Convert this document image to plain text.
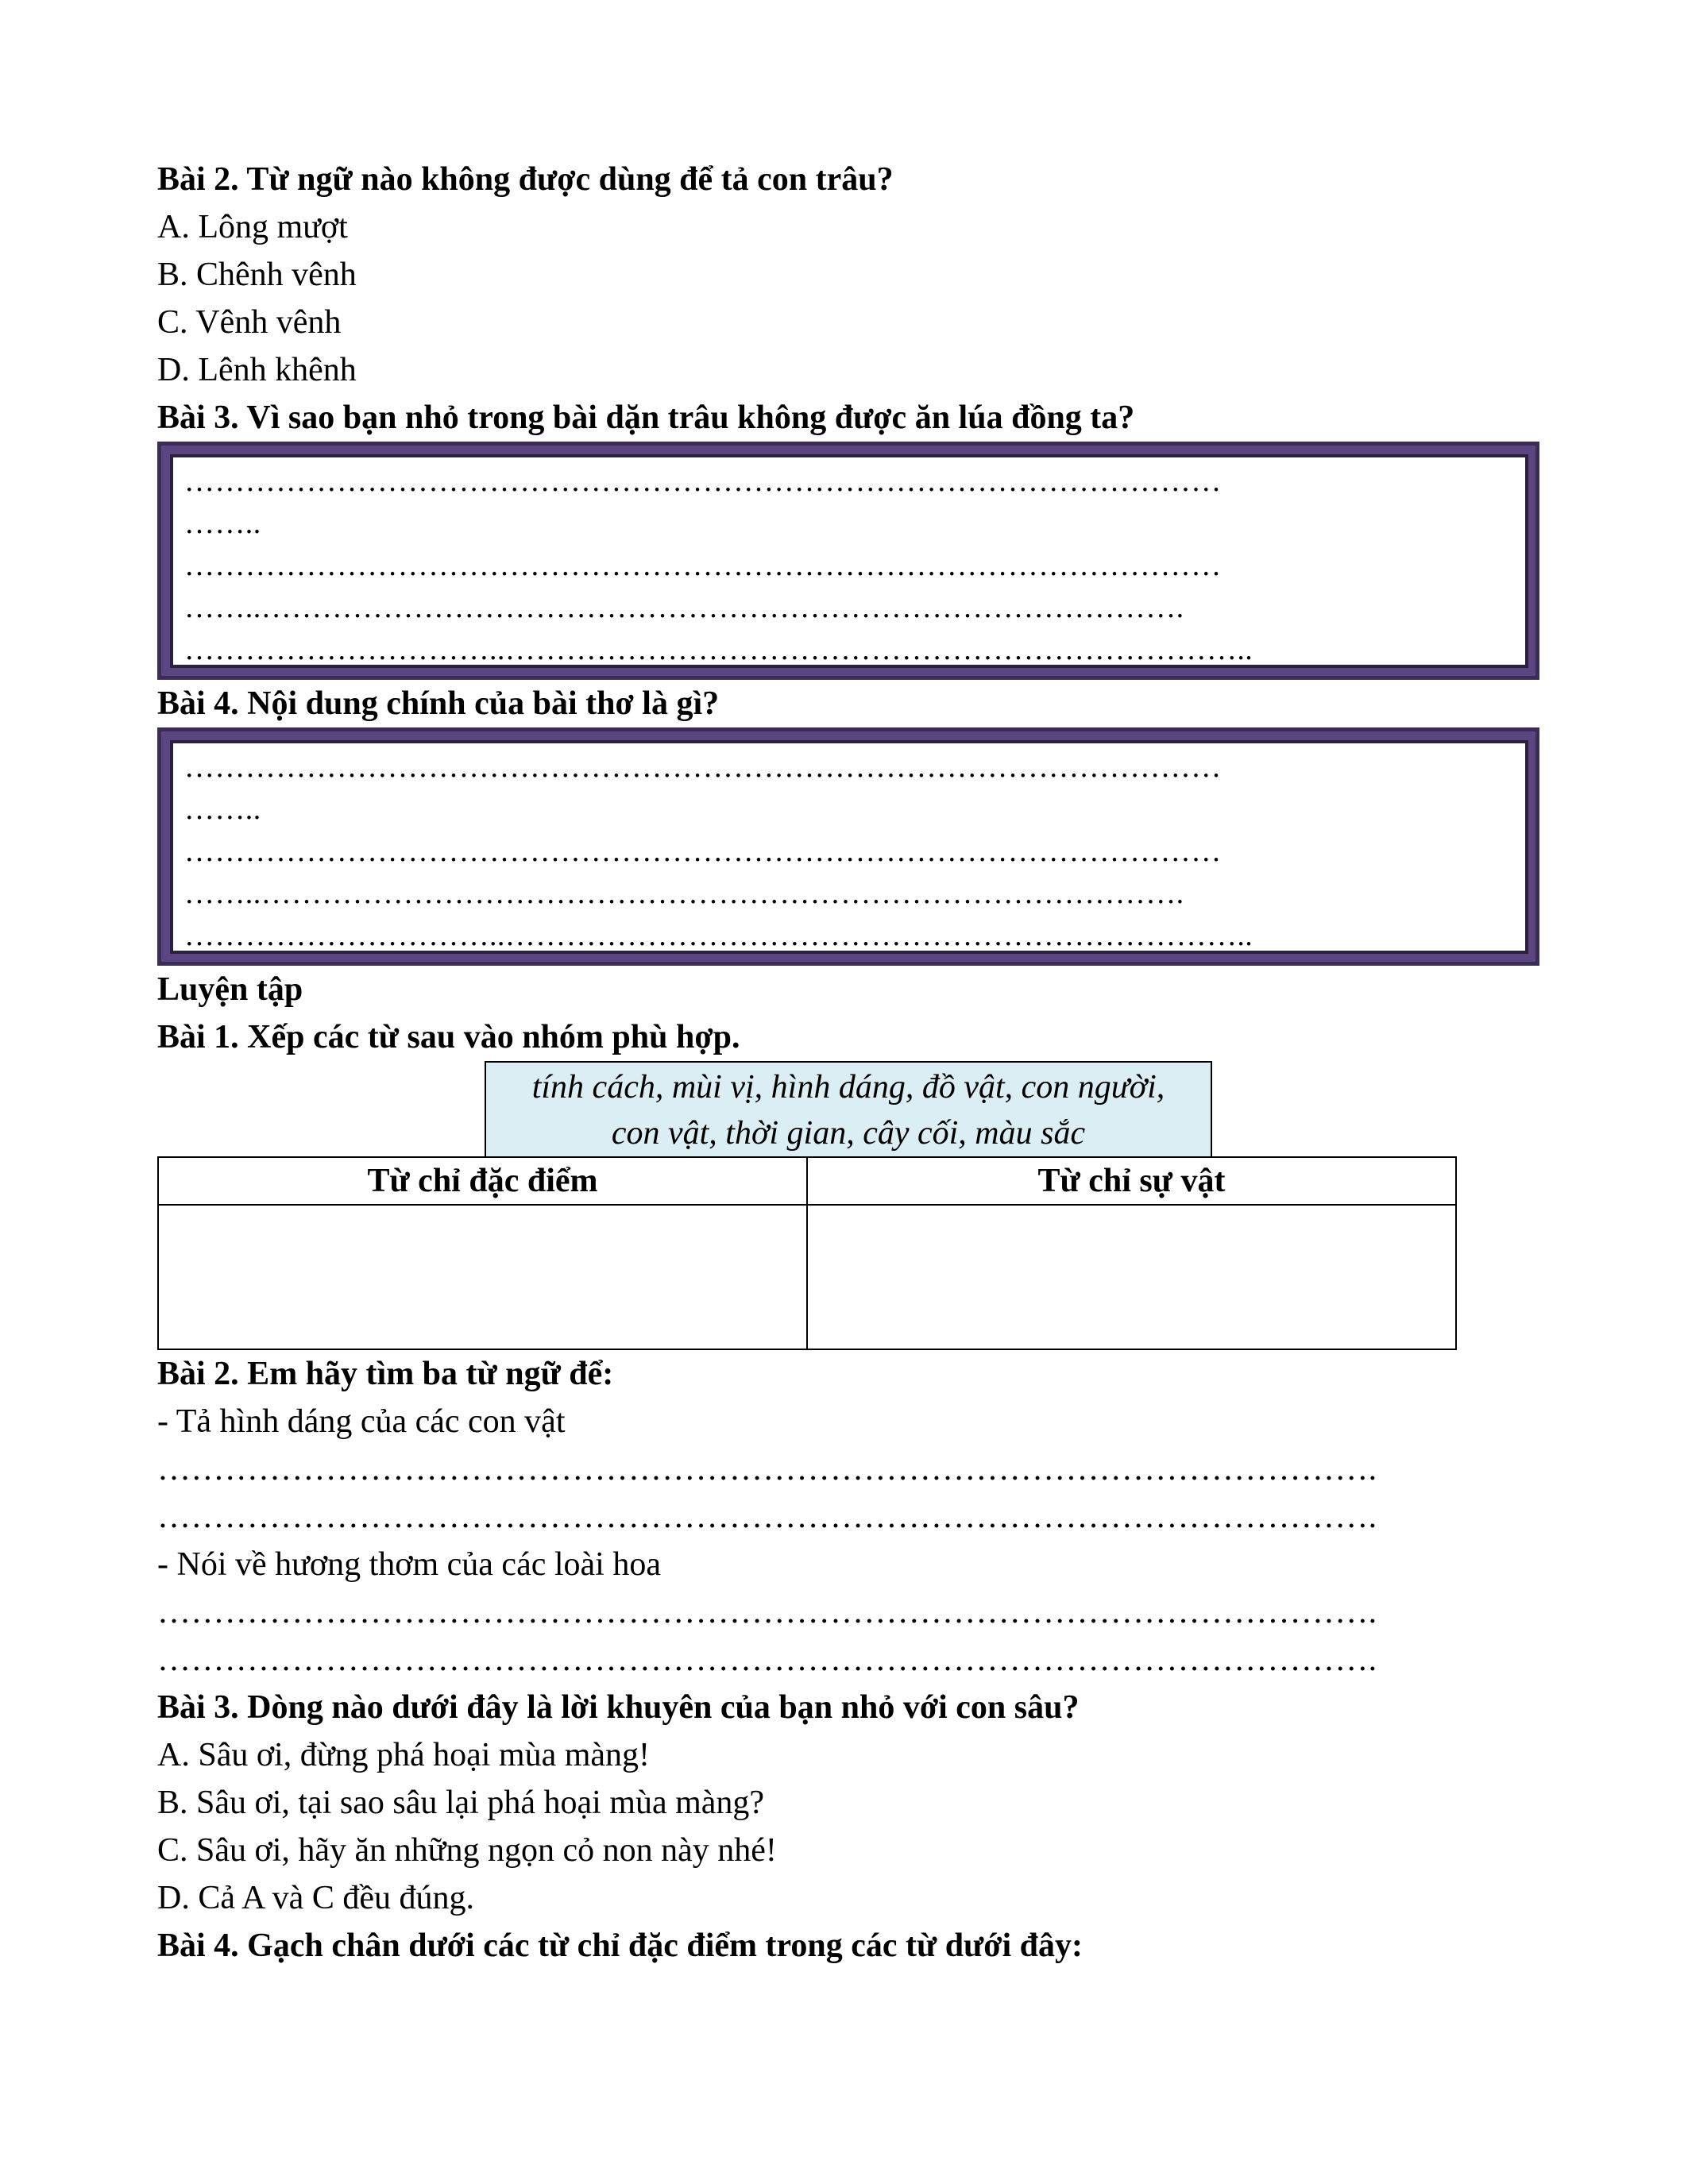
Bài 2. Từ ngữ nào không được dùng để tả con trâu?
A. Lông mượt
B. Chênh vênh
C. Vênh vênh
D. Lênh khênh
Bài 3. Vì sao bạn nhỏ trong bài dặn trâu không được ăn lúa đồng ta?
…………………………………………………………………………………………
……..
…………………………………………………………………………………………
……..……………………………………………………………………………….
…………………………..………………………………………………………………..
Bài 4. Nội dung chính của bài thơ là gì?
…………………………………………………………………………………………
……..
…………………………………………………………………………………………
……..……………………………………………………………………………….
…………………………..………………………………………………………………..
Luyện tập
Bài 1. Xếp các từ sau vào nhóm phù hợp.
tính cách, mùi vị, hình dáng, đồ vật, con người,
con vật, thời gian, cây cối, màu sắc
Từ chỉ đặc điểm	Từ chỉ sự vật

Bài 2. Em hãy tìm ba từ ngữ để:
- Tả hình dáng của các con vật
……………………………………………………………………………………………….
……………………………………………………………………………………………….
- Nói về hương thơm của các loài hoa
……………………………………………………………………………………………….
……………………………………………………………………………………………….
Bài 3. Dòng nào dưới đây là lời khuyên của bạn nhỏ với con sâu?
A. Sâu ơi, đừng phá hoại mùa màng!
B. Sâu ơi, tại sao sâu lại phá hoại mùa màng?
C. Sâu ơi, hãy ăn những ngọn cỏ non này nhé!
D. Cả A và C đều đúng.
Bài 4. Gạch chân dưới các từ chỉ đặc điểm trong các từ dưới đây:
